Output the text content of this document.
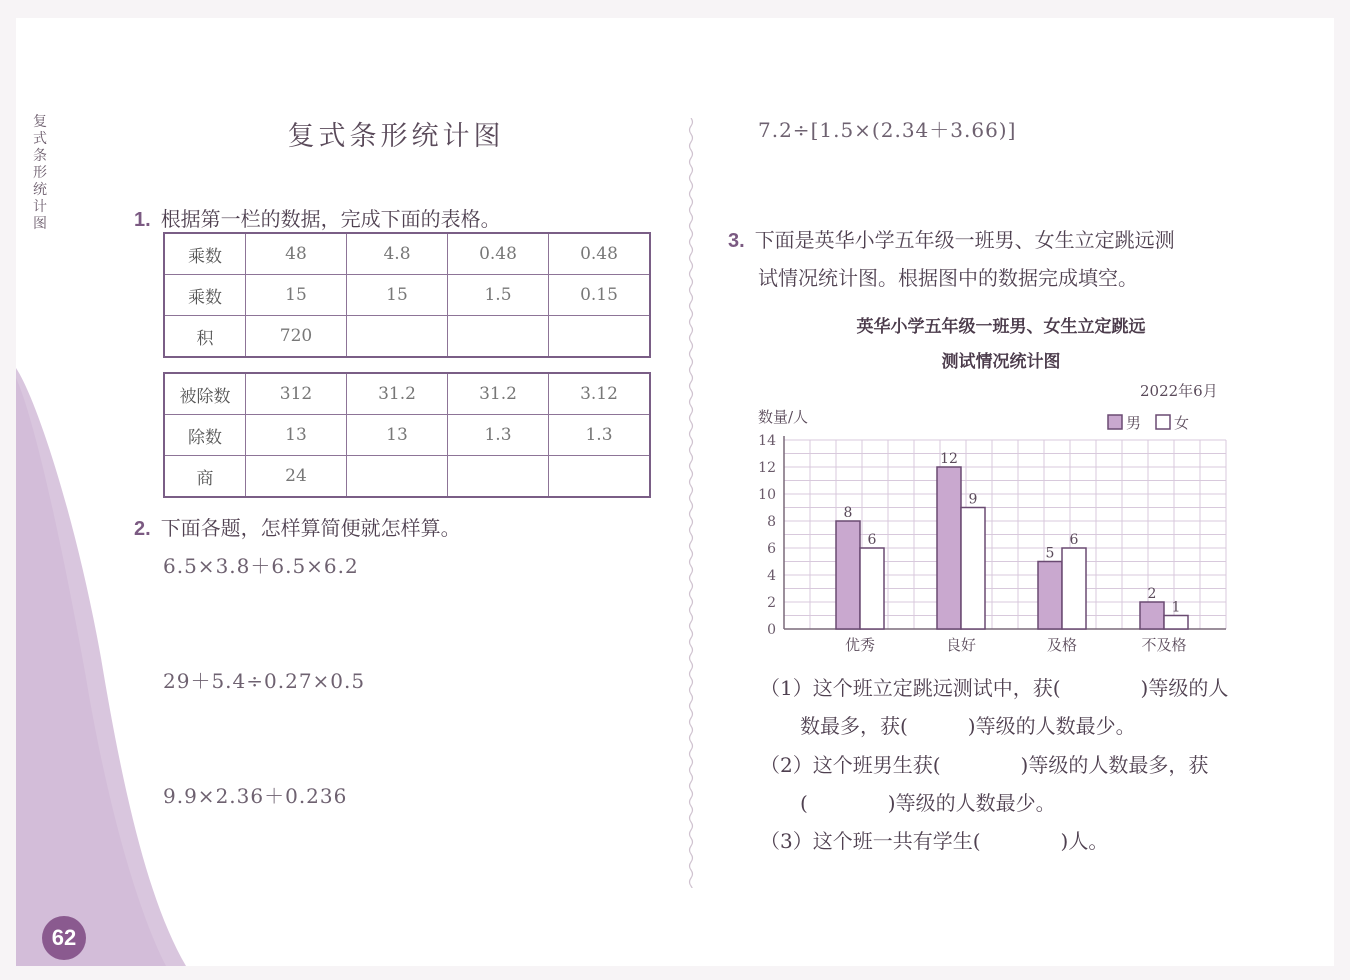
复
式
条
形
统
计
图
复式条形统计图
1. 根据第一栏的数据，完成下面的表格。
乘数	48	4.8	0.48	0.48
乘数	15	15	1.5	0.15
积	720			
被除数	312	31.2	31.2	3.12
除数	13	13	1.3	1.3
商	24			
2. 下面各题，怎样算简便就怎样算。
6.5×3.8＋6.5×6.2
29＋5.4÷0.27×0.5
9.9×2.36＋0.236
7.2÷[1.5×(2.34＋3.66)]
3. 下面是英华小学五年级一班男、女生立定跳远测
试情况统计图。根据图中的数据完成填空。
英华小学五年级一班男、女生立定跳远
测试情况统计图
0
2
4
6
8
10
12
14
数量/人
2022年6月
男 女
8
6
优秀
12
9
良好
5
6
及格
2
1
不及格
（1）这个班立定跳远测试中，获(　　　　)等级的人
数最多，获(　　　)等级的人数最少。
（2）这个班男生获(　　　　)等级的人数最多，获
(　　　　)等级的人数最少。
（3）这个班一共有学生(　　　　)人。
62
